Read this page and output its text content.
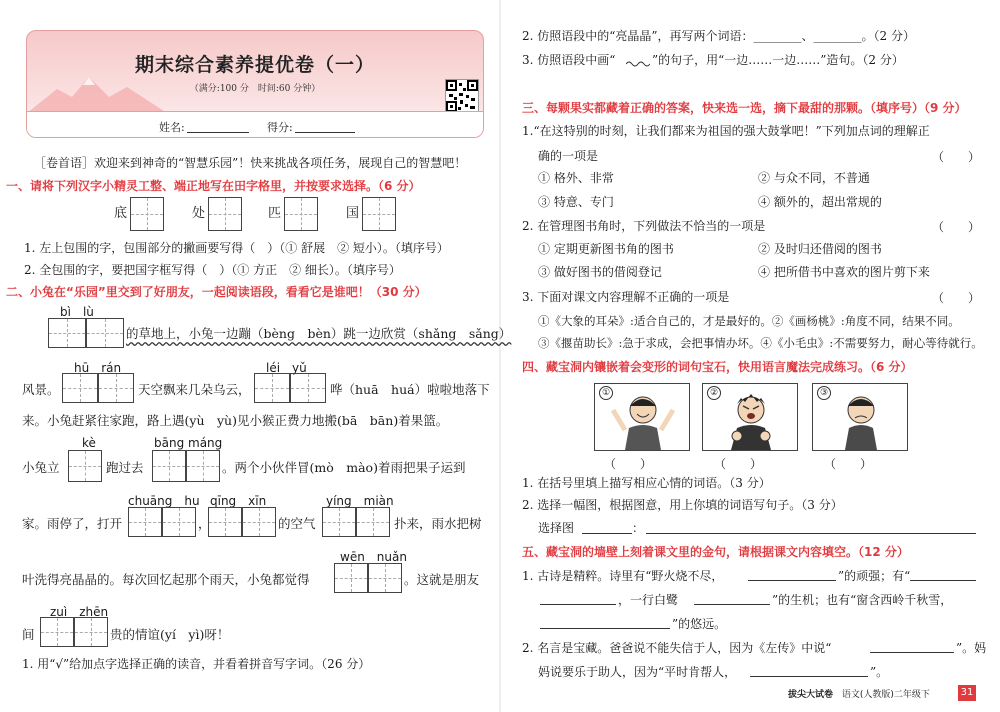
期末综合素养提优卷（一）
（满分:100 分　时间:60 分钟）
姓名:	得分:
［卷首语］欢迎来到神奇的“智慧乐园”！快来挑战各项任务，展现自己的智慧吧！
一、请将下列汉字小精灵工整、端正地写在田字格里，并按要求选择。（6 分）
底	处	匹	国
1. 左上包围的字，包围部分的撇画要写得（　）（① 舒展　② 短小）。（填序号）
2. 全包围的字，要把国字框写得（　）（① 方正　② 细长）。（填序号）
二、小兔在“乐园”里交到了好朋友，一起阅读语段，看看它是谁吧！（30 分）
bì　lù
的草地上，小兔一边蹦（bèng　bèn）跳一边欣赏（shǎng　sǎng）
hū　rán	léi　yǔ
风景。	天空飘来几朵乌云，	哗（huā　huá）啦啦地落下
来。小兔赶紧往家跑，路上遇(yù　yù)见小猴正费力地搬(bā　bān)着果篮。
kè	bāng máng
小兔立	跑过去	。两个小伙伴冒(mò　mào)着雨把果子运到
chuāng　hu qīng　xīn	yíng　miàn
家。雨停了，打开	，	的空气	扑来，雨水把树
wēn　nuǎn
叶洗得亮晶晶的。每次回忆起那个雨天，小兔都觉得	。这就是朋友
zuì　zhēn
间	贵的情谊(yí　yì)呀！
1. 用“√”给加点字选择正确的读音，并看着拼音写字词。（26 分）
2. 仿照语段中的“亮晶晶”，再写两个词语：________、________。（2 分）
3. 仿照语段中画“	”的句子，用“一边……一边……”造句。（2 分）
三、每颗果实都藏着正确的答案，快来选一选，摘下最甜的那颗。（填序号）（9 分）
1.“在这特别的时刻，让我们都来为祖国的强大鼓掌吧！”下列加点词的理解正
确的一项是	（　　）
① 格外、非常	② 与众不同，不普通
③ 特意、专门	④ 额外的，超出常规的
2. 在管理图书角时，下列做法不恰当的一项是	（　　）
① 定期更新图书角的图书	② 及时归还借阅的图书
③ 做好图书的借阅登记	④ 把所借书中喜欢的图片剪下来
3. 下面对课文内容理解不正确的一项是	（　　）
①《大象的耳朵》:适合自己的，才是最好的。②《画杨桃》:角度不同，结果不同。
③《揠苗助长》:急于求成，会把事情办坏。④《小毛虫》:不需要努力，耐心等待就行。
四、藏宝洞内镶嵌着会变形的词句宝石，快用语言魔法完成练习。（6 分）
①	②	③
（　　）	（　　）	（　　）
1. 在括号里填上描写相应心情的词语。（3 分）
2. 选择一幅图，根据图意，用上你填的词语写句子。（3 分）
选择图	：
五、藏宝洞的墙壁上刻着课文里的金句，请根据课文内容填空。（12 分）
1. 古诗是精粹。诗里有“野火烧不尽，	”的顽强；有“
，一行白鹭	”的生机；也有“窗含西岭千秋雪，
”的悠远。
2. 名言是宝藏。爸爸说不能失信于人，因为《左传》中说“	”。妈
妈说要乐于助人，因为“平时肯帮人，	”。
拔尖大试卷 语文(人教版)二年级下	31
